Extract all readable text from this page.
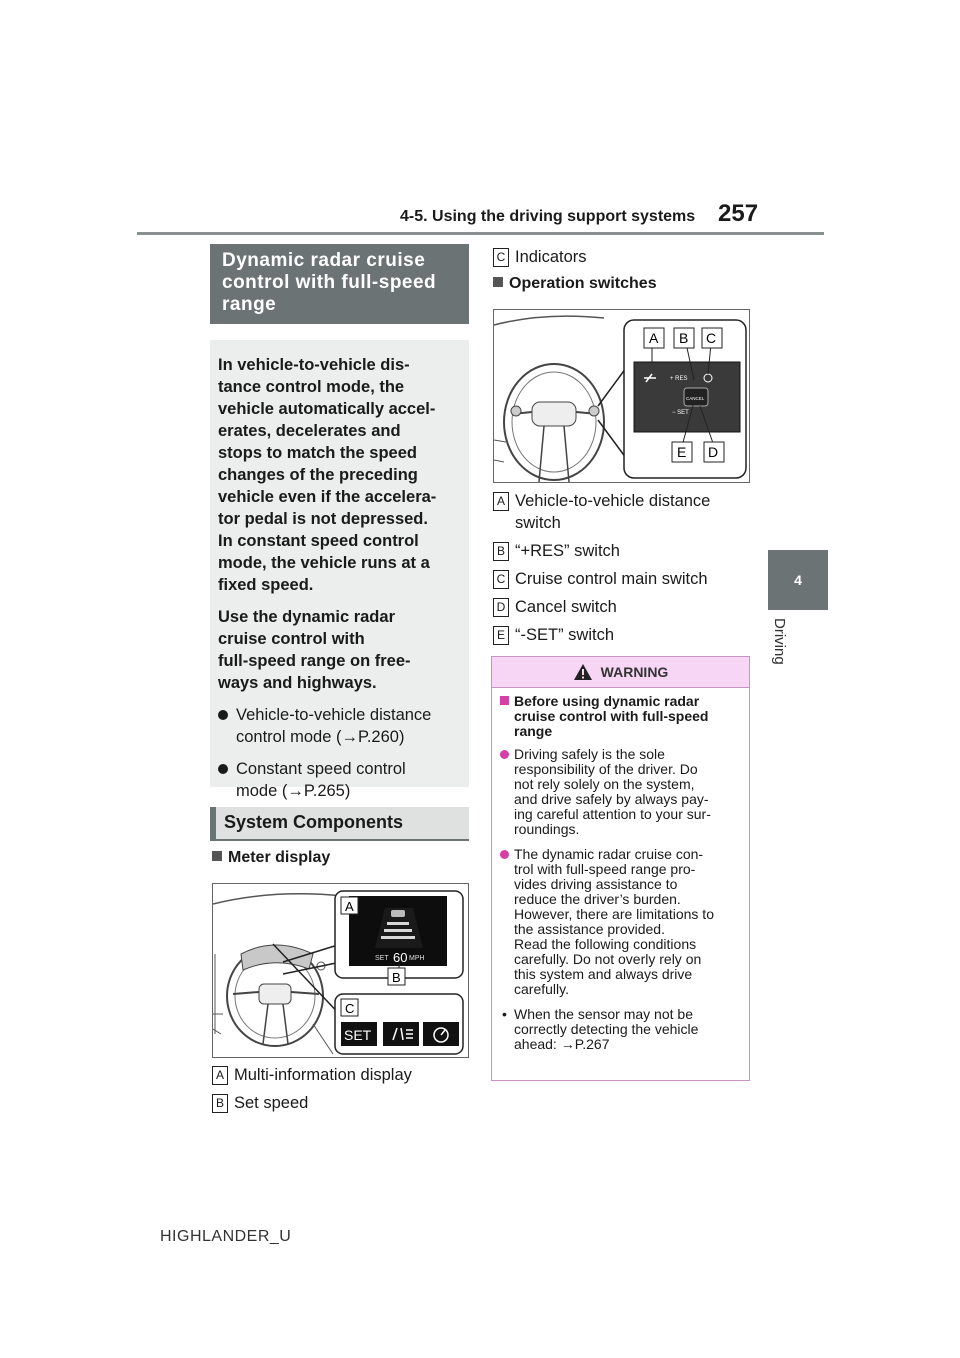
4-5. Using the driving support systems 257
4
Driving
Dynamic radar cruise
control with full-speed
range

In vehicle-to-vehicle dis-
tance control mode, the
vehicle automatically accel-
erates, decelerates and
stops to match the speed
changes of the preceding
vehicle even if the accelera-
tor pedal is not depressed.
In constant speed control
mode, the vehicle runs at a
fixed speed.

Use the dynamic radar
cruise control with
full-speed range on free-
ways and highways.

Vehicle-to-vehicle distance
control mode (→P.260)
Constant speed control
mode (→P.265)
System Components
Meter display
SET 60 MPH
A
B
C
SET
A Multi-information display
B Set speed
C Indicators
Operation switches
+ RES
CANCEL
− SET
A B C
E D
A Vehicle-to-vehicle distance
switch
B “+RES” switch
C Cruise control main switch
D Cancel switch
E “-SET” switch
WARNING
Before using dynamic radar
cruise control with full-speed
range
Driving safely is the sole
responsibility of the driver. Do
not rely solely on the system,
and drive safely by always pay-
ing careful attention to your sur-
roundings.
The dynamic radar cruise con-
trol with full-speed range pro-
vides driving assistance to
reduce the driver’s burden.
However, there are limitations to
the assistance provided.
Read the following conditions
carefully. Do not overly rely on
this system and always drive
carefully.
• When the sensor may not be
correctly detecting the vehicle
ahead: →P.267
HIGHLANDER_U
